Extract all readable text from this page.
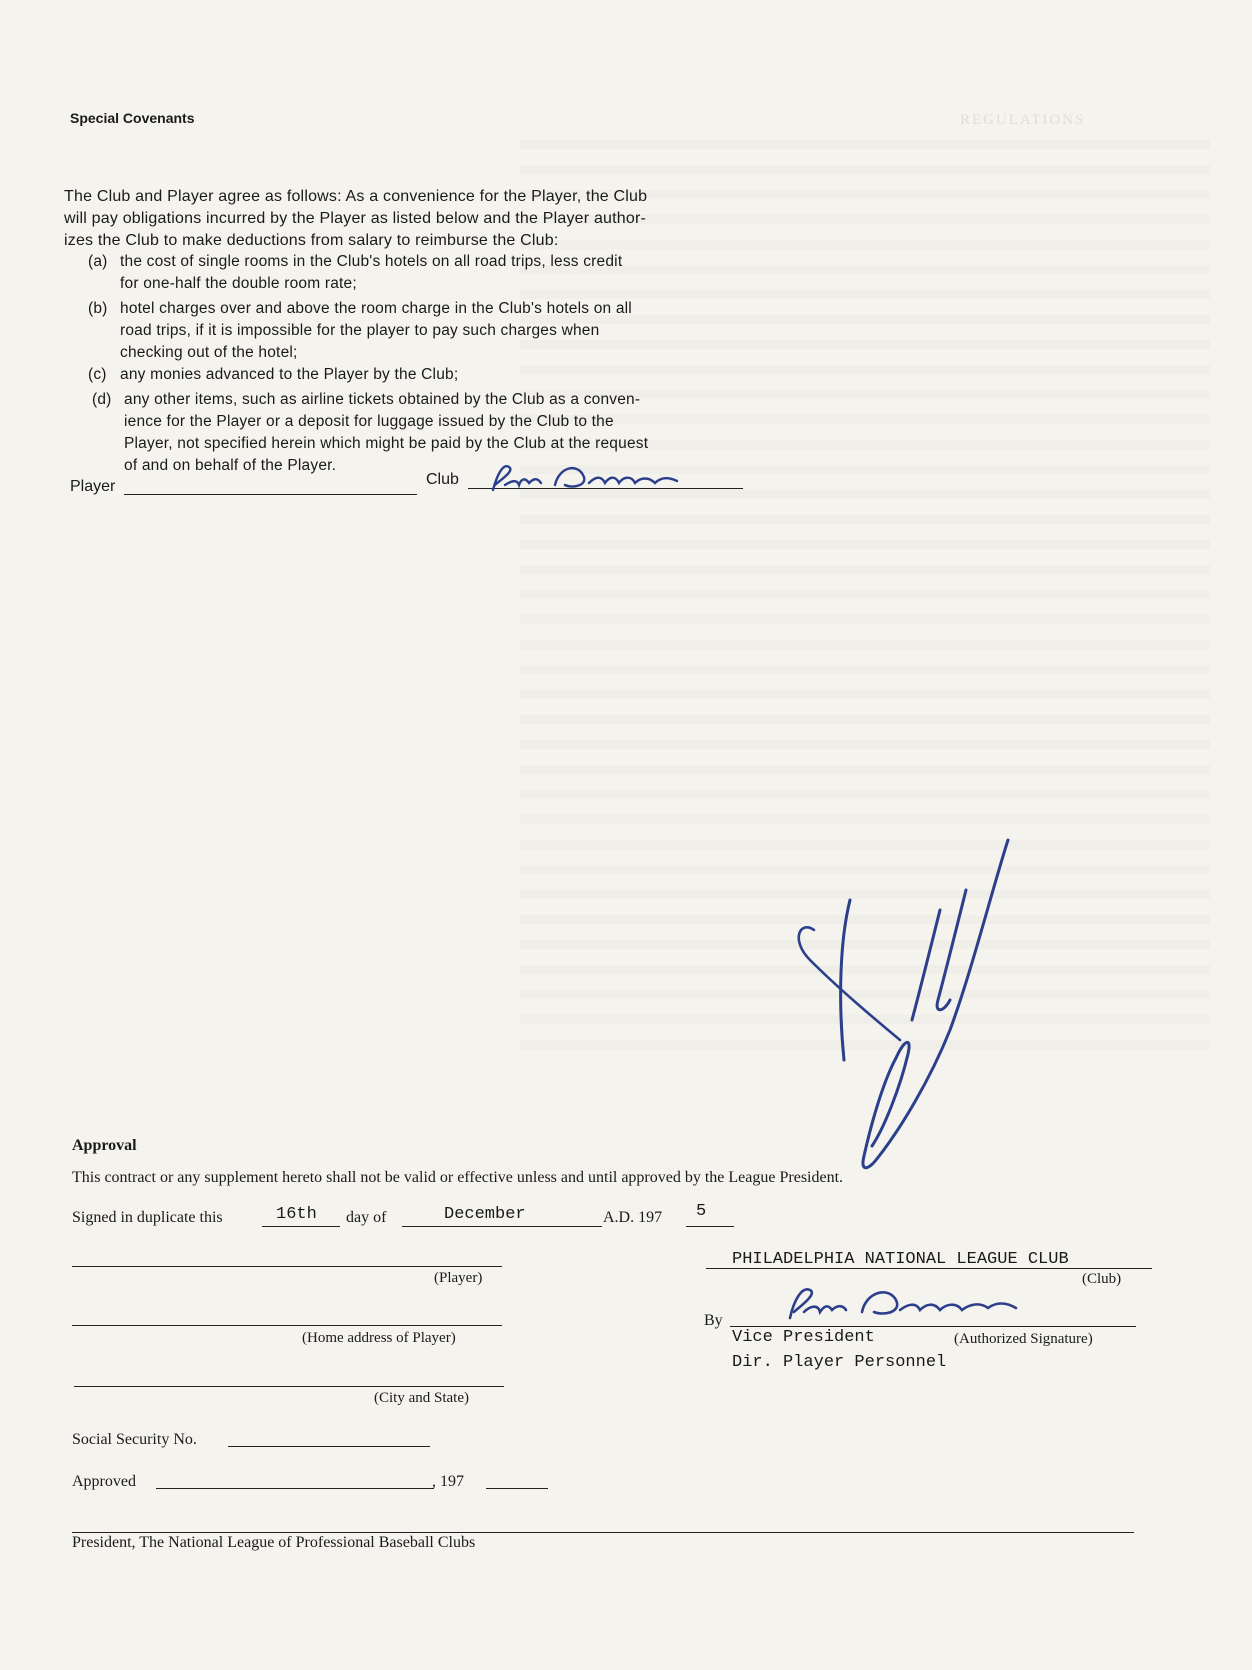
REGULATIONS
Special Covenants
The Club and Player agree as follows: As a convenience for the Player, the Club
will pay obligations incurred by the Player as listed below and the Player author-
izes the Club to make deductions from salary to reimburse the Club:
(a) the cost of single rooms in the Club's hotels on all road trips, less credit
for one-half the double room rate;
(b) hotel charges over and above the room charge in the Club's hotels on all
road trips, if it is impossible for the player to pay such charges when
checking out of the hotel;
(c) any monies advanced to the Player by the Club;
(d) any other items, such as airline tickets obtained by the Club as a conven-
ience for the Player or a deposit for luggage issued by the Club to the
Player, not specified herein which might be paid by the Club at the request
of and on behalf of the Player.
Player	Club
Approval
This contract or any supplement hereto shall not be valid or effective unless and until approved by the League President.
Signed in duplicate this	16th day of	December	A.D. 197 5
(Player)
(Home address of Player)
(City and State)
Social Security No.
Approved	, 197
President, The National League of Professional Baseball Clubs
PHILADELPHIA NATIONAL LEAGUE CLUB
(Club)
By
Vice President	(Authorized Signature)
Dir. Player Personnel
